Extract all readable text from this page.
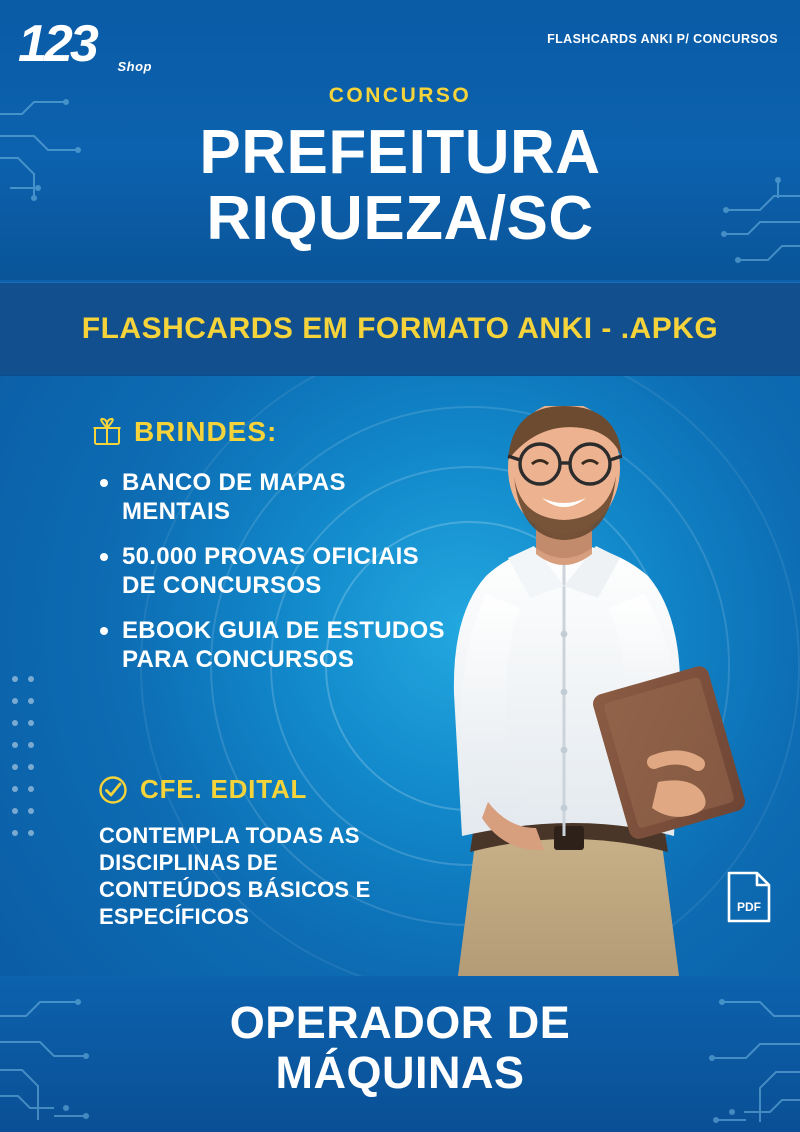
123	Shop
FLASHCARDS ANKI P/ CONCURSOS
CONCURSO
PREFEITURA
RIQUEZA/SC
FLASHCARDS EM FORMATO ANKI - .APKG
BRINDES:
BANCO DE MAPAS MENTAIS
50.000 PROVAS OFICIAIS DE CONCURSOS
EBOOK GUIA DE ESTUDOS PARA CONCURSOS
CFE. EDITAL
CONTEMPLA TODAS AS DISCIPLINAS DE CONTEÚDOS BÁSICOS E ESPECÍFICOS	PDF
OPERADOR DE
MÁQUINAS
